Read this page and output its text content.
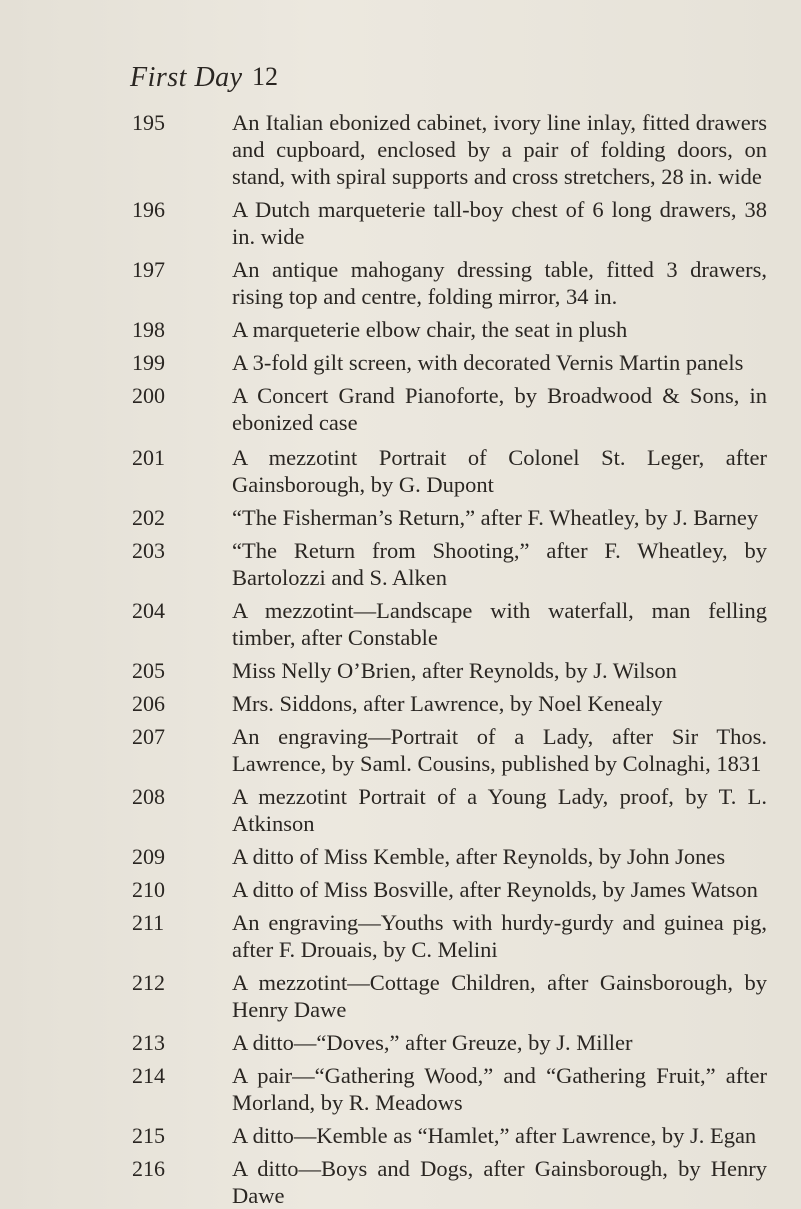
First Day 12
195	An Italian ebonized cabinet, ivory line inlay, fitted drawers and cupboard, enclosed by a pair of folding doors, on stand, with spiral supports and cross stretchers, 28 in. wide
196	A Dutch marqueterie tall-boy chest of 6 long drawers, 38 in. wide
197	An antique mahogany dressing table, fitted 3 drawers, rising top and centre, folding mirror, 34 in.
198	A marqueterie elbow chair, the seat in plush
199	A 3-fold gilt screen, with decorated Vernis Martin panels
200	A Concert Grand Pianoforte, by Broadwood & Sons, in ebonized case
201	A mezzotint Portrait of Colonel St. Leger, after Gainsborough, by G. Dupont
202	“The Fisherman’s Return,” after F. Wheatley, by J. Barney
203	“The Return from Shooting,” after F. Wheatley, by Bartolozzi and S. Alken
204	A mezzotint—Landscape with waterfall, man felling timber, after Constable
205	Miss Nelly O’Brien, after Reynolds, by J. Wilson
206	Mrs. Siddons, after Lawrence, by Noel Kenealy
207	An engraving—Portrait of a Lady, after Sir Thos. Lawrence, by Saml. Cousins, published by Colnaghi, 1831
208	A mezzotint Portrait of a Young Lady, proof, by T. L. Atkinson
209	A ditto of Miss Kemble, after Reynolds, by John Jones
210	A ditto of Miss Bosville, after Reynolds, by James Watson
211	An engraving—Youths with hurdy-gurdy and guinea pig, after F. Drouais, by C. Melini
212	A mezzotint—Cottage Children, after Gainsborough, by Henry Dawe
213	A ditto—“Doves,” after Greuze, by J. Miller
214	A pair—“Gathering Wood,” and “Gathering Fruit,” after Morland, by R. Meadows
215	A ditto—Kemble as “Hamlet,” after Lawrence, by J. Egan
216	A ditto—Boys and Dogs, after Gainsborough, by Henry Dawe
